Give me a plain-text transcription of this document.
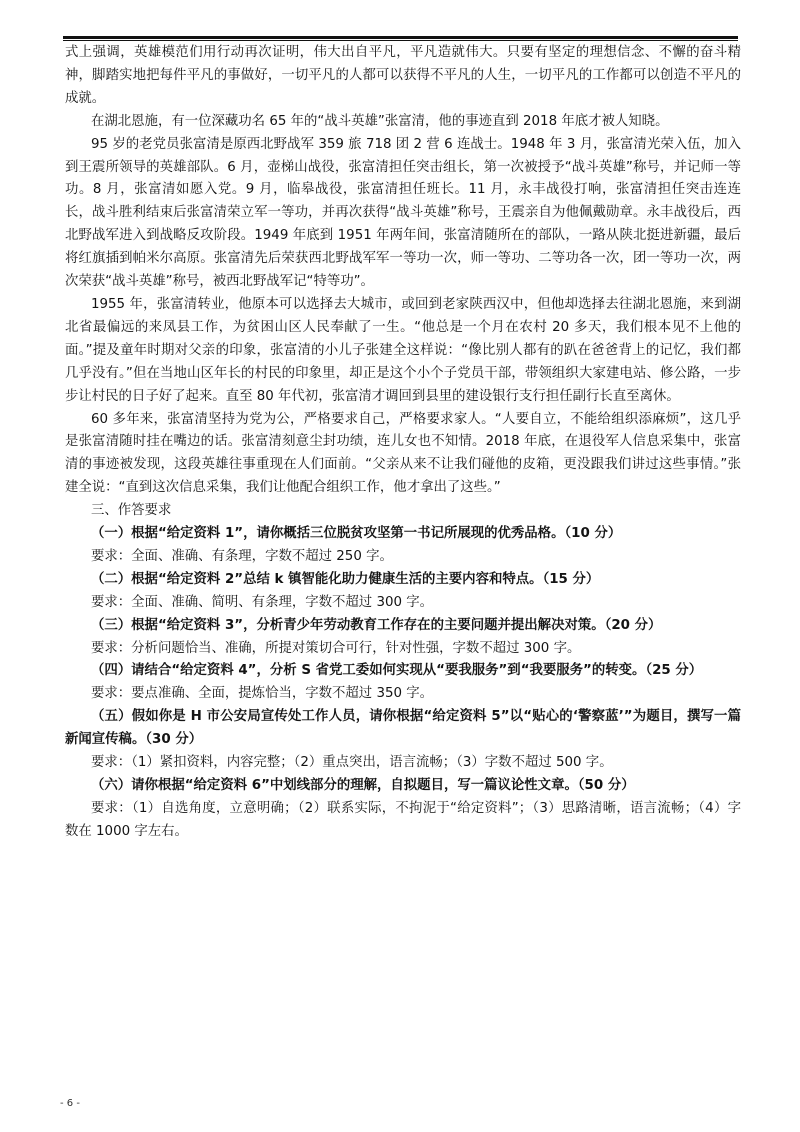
式上强调，英雄模范们用行动再次证明，伟大出自平凡，平凡造就伟大。只要有坚定的理想信念、不懈的奋斗精神，脚踏实地把每件平凡的事做好，一切平凡的人都可以获得不平凡的人生，一切平凡的工作都可以创造不平凡的成就。

在湖北恩施，有一位深藏功名 65 年的“战斗英雄”张富清，他的事迹直到 2018 年底才被人知晓。

95 岁的老党员张富清是原西北野战军 359 旅 718 团 2 营 6 连战士。1948 年 3 月，张富清光荣入伍，加入到王震所领导的英雄部队。6 月，壶梯山战役，张富清担任突击组长，第一次被授予“战斗英雄”称号，并记师一等功。8 月，张富清如愿入党。9 月，临皋战役，张富清担任班长。11 月，永丰战役打响，张富清担任突击连连长，战斗胜利结束后张富清荣立军一等功，并再次获得“战斗英雄”称号，王震亲自为他佩戴勋章。永丰战役后，西北野战军进入到战略反攻阶段。1949 年底到 1951 年两年间，张富清随所在的部队，一路从陕北挺进新疆，最后将红旗插到帕米尔高原。张富清先后荣获西北野战军军一等功一次，师一等功、二等功各一次，团一等功一次，两次荣获“战斗英雄”称号，被西北野战军记“特等功”。

1955 年，张富清转业，他原本可以选择去大城市，或回到老家陕西汉中，但他却选择去往湖北恩施，来到湖北省最偏远的来凤县工作，为贫困山区人民奉献了一生。“他总是一个月在农村 20 多天，我们根本见不上他的面。”提及童年时期对父亲的印象，张富清的小儿子张建全这样说：“像比别人都有的趴在爸爸背上的记忆，我们都几乎没有。”但在当地山区年长的村民的印象里，却正是这个小个子党员干部，带领组织大家建电站、修公路，一步步让村民的日子好了起来。直至 80 年代初，张富清才调回到县里的建设银行支行担任副行长直至离休。

60 多年来，张富清坚持为党为公，严格要求自己，严格要求家人。“人要自立，不能给组织添麻烦”，这几乎是张富清随时挂在嘴边的话。张富清刻意尘封功绩，连儿女也不知情。2018 年底，在退役军人信息采集中，张富清的事迹被发现，这段英雄往事重现在人们面前。“父亲从来不让我们碰他的皮箱，更没跟我们讲过这些事情。”张建全说：“直到这次信息采集，我们让他配合组织工作，他才拿出了这些。”

三、作答要求

（一）根据“给定资料 1”，请你概括三位脱贫攻坚第一书记所展现的优秀品格。（10 分）

要求：全面、准确、有条理，字数不超过 250 字。

（二）根据“给定资料 2”总结 k 镇智能化助力健康生活的主要内容和特点。（15 分）

要求：全面、准确、简明、有条理，字数不超过 300 字。

（三）根据“给定资料 3”，分析青少年劳动教育工作存在的主要问题并提出解决对策。（20 分）

要求：分析问题恰当、准确，所提对策切合可行，针对性强，字数不超过 300 字。

（四）请结合“给定资料 4”，分析 S 省党工委如何实现从“要我服务”到“我要服务”的转变。（25 分）

要求：要点准确、全面，提炼恰当，字数不超过 350 字。

（五）假如你是 H 市公安局宣传处工作人员，请你根据“给定资料 5”以“贴心的‘警察蓝’”为题目，撰写一篇新闻宣传稿。（30 分）

要求：（1）紧扣资料，内容完整；（2）重点突出，语言流畅；（3）字数不超过 500 字。

（六）请你根据“给定资料 6”中划线部分的理解，自拟题目，写一篇议论性文章。（50 分）

要求：（1）自选角度，立意明确；（2）联系实际，不拘泥于“给定资料”；（3）思路清晰，语言流畅；（4）字数在 1000 字左右。

- 6 -
